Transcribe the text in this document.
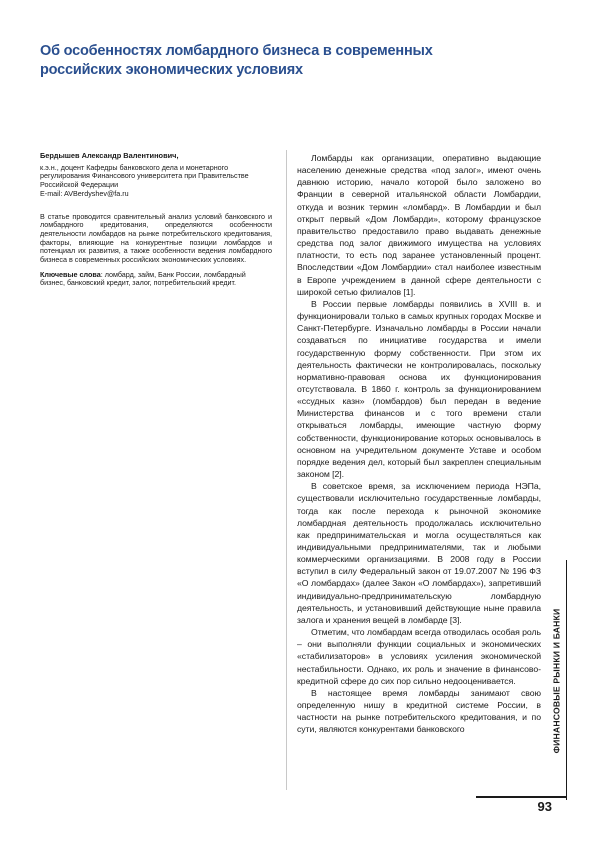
Об особенностях ломбардного бизнеса в современных российских экономических условиях
Бердышев Александр Валентинович,
к.э.н., доцент Кафедры банковского дела и монетарного
регулирования Финансового университета при Правительстве
Российской Федерации
E-mail: AVBerdyshev@fa.ru
В статье проводится сравнительный анализ условий банковского и ломбардного кредитования, определяются особенности деятельности ломбардов на рынке потребительского кредитования, факторы, влияющие на конкурентные позиции ломбардов и потенциал их развития, а также особенности ведения ломбардного бизнеса в современных российских экономических условиях.
Ключевые слова: ломбард, займ, Банк России, ломбардный бизнес, банковский кредит, залог, потребительский кредит.

Ломбарды как организации, оперативно выдающие населению денежные средства «под залог», имеют очень давнюю историю, начало которой было заложено во Франции в северной итальянской области Ломбардии, откуда и возник термин «ломбард». В Ломбардии и был открыт первый «Дом Ломбарди», которому французское правительство предоставило право выдавать денежные средства под залог движимого имущества на условиях платности, то есть под заранее установленный процент. Впоследствии «Дом Ломбардии» стал наиболее известным в Европе учреждением в данной сфере деятельности с широкой сетью филиалов [1].

В России первые ломбарды появились в XVIII в. и функционировали только в самых крупных городах Москве и Санкт-Петербурге. Изначально ломбарды в России начали создаваться по инициативе государства и имели государственную форму собственности. При этом их деятельность фактически не контролировалась, поскольку нормативно-правовая основа их функционирования отсутствовала. В 1860 г. контроль за функционированием «ссудных казн» (ломбардов) был передан в ведение Министерства финансов и с того времени стали открываться ломбарды, имеющие частную форму собственности, функционирование которых основывалось в основном на учредительном документе Уставе и особом порядке ведения дел, который был закреплен специальным законом [2].

В советское время, за исключением периода НЭПа, существовали исключительно государственные ломбарды, тогда как после перехода к рыночной экономике ломбардная деятельность продолжалась исключительно как предпринимательская и могла осуществляться как индивидуальными предпринимателями, так и любыми коммерческими организациями. В 2008 году в России вступил в силу Федеральный закон от 19.07.2007 № 196 ФЗ «О ломбардах» (далее Закон «О ломбардах»), запретивший индивидуально-предпринимательскую ломбардную деятельность, и установивший действующие ныне правила залога и хранения вещей в ломбарде [3].

Отметим, что ломбардам всегда отводилась особая роль – они выполняли функции социальных и экономических «стабилизаторов» в условиях усиления экономической нестабильности. Однако, их роль и значение в финансово-кредитной сфере до сих пор сильно недооценивается.

В настоящее время ломбарды занимают свою определенную нишу в кредитной системе России, в частности на рынке потребительского кредитования, и по сути, являются конкурентами банковского	ФИНАНСОВЫЕ РЫНКИ И БАНКИ
93
